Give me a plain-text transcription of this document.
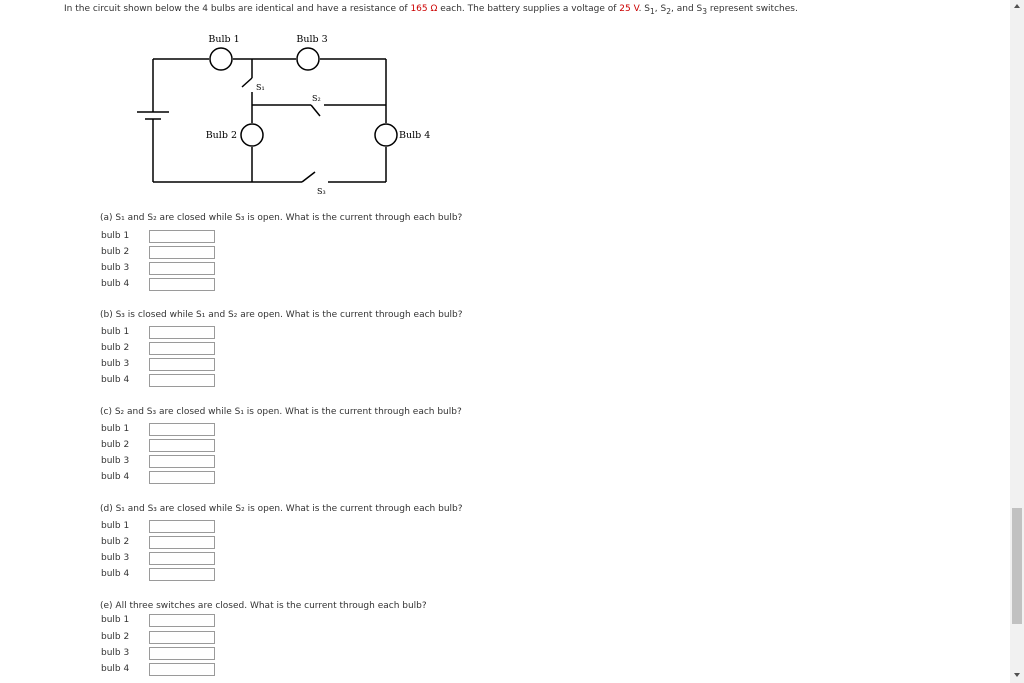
In the circuit shown below the 4 bulbs are identical and have a resistance of 165 Ω each. The battery supplies a voltage of 25 V. $S_1$, $S_2$, and $S_3$ represent switches.
Bulb 1	Bulb 3
Bulb 2	Bulb 4
S₁
S₂
S₃
(a) S₁ and S₂ are closed while S₃ is open. What is the current through each bulb?
bulb 1
bulb 2
bulb 3
bulb 4
(b) S₃ is closed while S₁ and S₂ are open. What is the current through each bulb?
bulb 1
bulb 2
bulb 3
bulb 4
(c) S₂ and S₃ are closed while S₁ is open. What is the current through each bulb?
bulb 1
bulb 2
bulb 3
bulb 4
(d) S₁ and S₃ are closed while S₂ is open. What is the current through each bulb?
bulb 1
bulb 2
bulb 3
bulb 4
(e) All three switches are closed. What is the current through each bulb?
bulb 1
bulb 2
bulb 3
bulb 4
